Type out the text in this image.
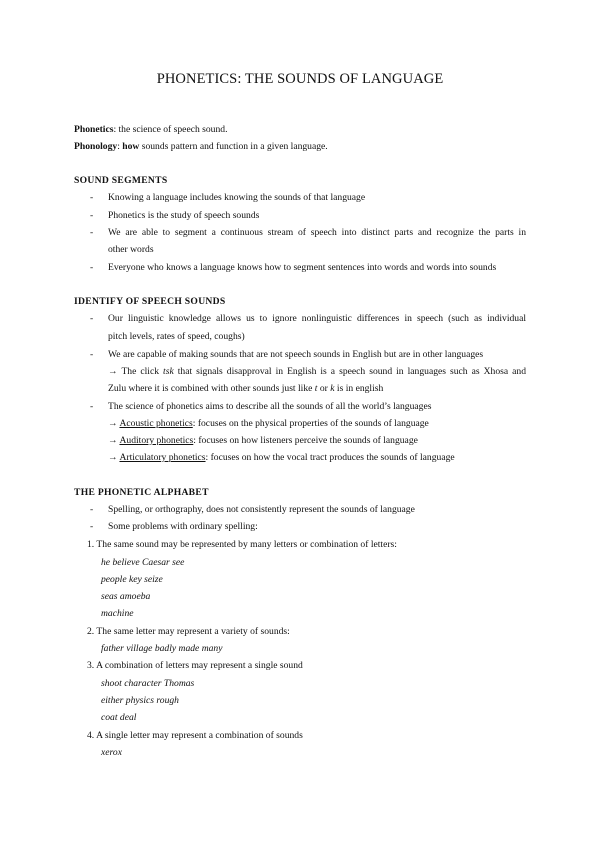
PHONETICS: THE SOUNDS OF LANGUAGE
Phonetics: the science of speech sound.
Phonology: how sounds pattern and function in a given language.
SOUND SEGMENTS
- Knowing a language includes knowing the sounds of that language
- Phonetics is the study of speech sounds
- We are able to segment a continuous stream of speech into distinct parts and recognize the parts in
other words
- Everyone who knows a language knows how to segment sentences into words and words into sounds
IDENTIFY OF SPEECH SOUNDS
- Our linguistic knowledge allows us to ignore nonlinguistic differences in speech (such as individual
pitch levels, rates of speed, coughs)
- We are capable of making sounds that are not speech sounds in English but are in other languages
→ The click tsk that signals disapproval in English is a speech sound in languages such as Xhosa and
Zulu where it is combined with other sounds just like t or k is in english
- The science of phonetics aims to describe all the sounds of all the world’s languages
→ Acoustic phonetics: focuses on the physical properties of the sounds of language
→ Auditory phonetics: focuses on how listeners perceive the sounds of language
→ Articulatory phonetics: focuses on how the vocal tract produces the sounds of language
THE PHONETIC ALPHABET
- Spelling, or orthography, does not consistently represent the sounds of language
- Some problems with ordinary spelling:
1. The same sound may be represented by many letters or combination of letters:
he believe Caesar see
people key seize
seas amoeba
machine
2. The same letter may represent a variety of sounds:
father village badly made many
3. A combination of letters may represent a single sound
shoot character Thomas
either physics rough
coat deal
4. A single letter may represent a combination of sounds
xerox
